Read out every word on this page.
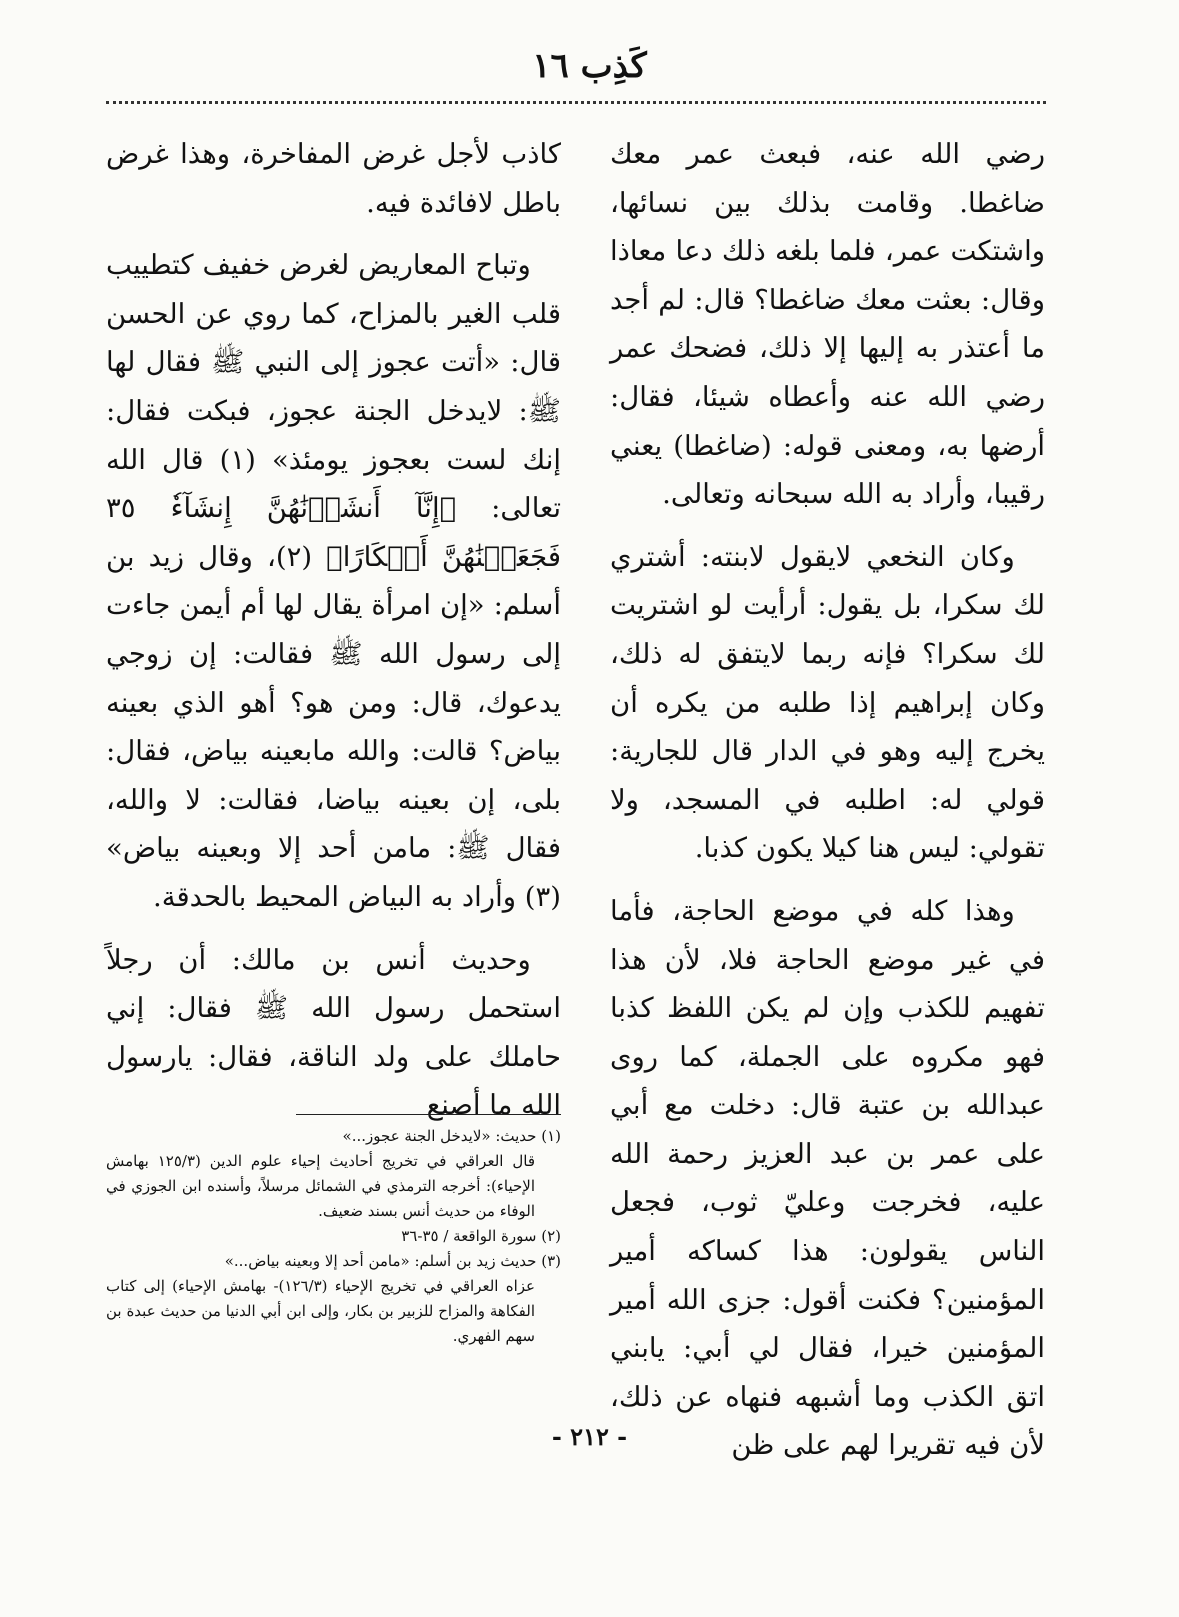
كَذِب ١٦

رضي الله عنه، فبعث عمر معك ضاغطا. وقامت بذلك بين نسائها، واشتكت عمر، فلما بلغه ذلك دعا معاذا وقال: بعثت معك ضاغطا؟ قال: لم أجد ما أعتذر به إليها إلا ذلك، فضحك عمر رضي الله عنه وأعطاه شيئا، فقال: أرضها به، ومعنى قوله: (ضاغطا) يعني رقيبا، وأراد به الله سبحانه وتعالى.

وكان النخعي لايقول لابنته: أشتري لك سكرا، بل يقول: أرأيت لو اشتريت لك سكرا؟ فإنه ربما لايتفق له ذلك، وكان إبراهيم إذا طلبه من يكره أن يخرج إليه وهو في الدار قال للجارية: قولي له: اطلبه في المسجد، ولا تقولي: ليس هنا كيلا يكون كذبا.

وهذا كله في موضع الحاجة، فأما في غير موضع الحاجة فلا، لأن هذا تفهيم للكذب وإن لم يكن اللفظ كذبا فهو مكروه على الجملة، كما روى عبدالله بن عتبة قال: دخلت مع أبي على عمر بن عبد العزيز رحمة الله عليه، فخرجت وعليّ ثوب، فجعل الناس يقولون: هذا كساكه أمير المؤمنين؟ فكنت أقول: جزى الله أمير المؤمنين خيرا، فقال لي أبي: يابني اتق الكذب وما أشبهه فنهاه عن ذلك، لأن فيه تقريرا لهم على ظن

كاذب لأجل غرض المفاخرة، وهذا غرض باطل لافائدة فيه.

وتباح المعاريض لغرض خفيف كتطييب قلب الغير بالمزاح، كما روي عن الحسن قال: «أتت عجوز إلى النبي ﷺ فقال لها ﷺ: لايدخل الجنة عجوز، فبكت فقال: إنك لست بعجوز يومئذ» (١) قال الله تعالى: ﴿إِنَّآ أَنشَأۡنَٰهُنَّ إِنشَآءٗ ٣٥ فَجَعَلۡنَٰهُنَّ أَبۡكَارًا﴾ (٢)، وقال زيد بن أسلم: «إن امرأة يقال لها أم أيمن جاءت إلى رسول الله ﷺ فقالت: إن زوجي يدعوك، قال: ومن هو؟ أهو الذي بعينه بياض؟ قالت: والله مابعينه بياض، فقال: بلى، إن بعينه بياضا، فقالت: لا والله، فقال ﷺ: مامن أحد إلا وبعينه بياض» (٣) وأراد به البياض المحيط بالحدقة.

وحديث أنس بن مالك: أن رجلاً استحمل رسول الله ﷺ فقال: إني حاملك على ولد الناقة، فقال: يارسول الله ما أصنع

(١) حديث: «لايدخل الجنة عجوز...»

قال العراقي في تخريج أحاديث إحياء علوم الدين (١٢٥/٣ بهامش الإحياء): أخرجه الترمذي في الشمائل مرسلاً، وأسنده ابن الجوزي في الوفاء من حديث أنس بسند ضعيف.

(٢) سورة الواقعة / ٣٥-٣٦

(٣) حديث زيد بن أسلم: «مامن أحد إلا وبعينه بياض...»

عزاه العراقي في تخريج الإحياء (١٢٦/٣)- بهامش الإحياء) إلى كتاب الفكاهة والمزاح للزبير بن بكار، وإلى ابن أبي الدنيا من حديث عبدة بن سهم الفهري.

- ٢١٢ -
